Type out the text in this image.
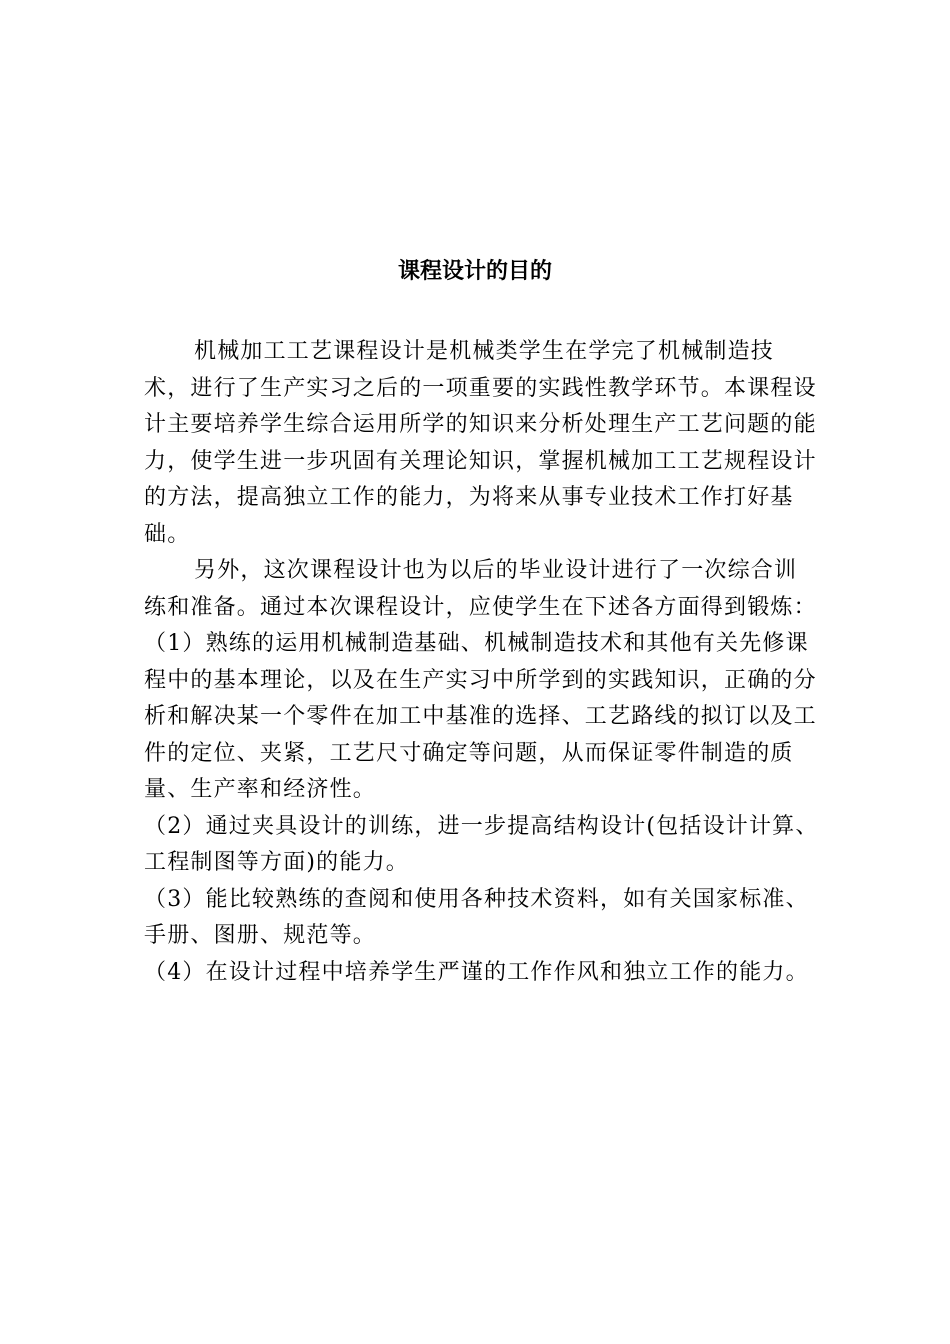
课程设计的目的

机械加工工艺课程设计是机械类学生在学完了机械制造技术，进行了生产实习之后的一项重要的实践性教学环节。本课程设计主要培养学生综合运用所学的知识来分析处理生产工艺问题的能力，使学生进一步巩固有关理论知识，掌握机械加工工艺规程设计的方法，提高独立工作的能力，为将来从事专业技术工作打好基础。

另外，这次课程设计也为以后的毕业设计进行了一次综合训练和准备。通过本次课程设计，应使学生在下述各方面得到锻炼：

（1）熟练的运用机械制造基础、机械制造技术和其他有关先修课程中的基本理论，以及在生产实习中所学到的实践知识，正确的分析和解决某一个零件在加工中基准的选择、工艺路线的拟订以及工件的定位、夹紧，工艺尺寸确定等问题，从而保证零件制造的质量、生产率和经济性。

（2）通过夹具设计的训练，进一步提高结构设计(包括设计计算、工程制图等方面)的能力。

（3）能比较熟练的查阅和使用各种技术资料，如有关国家标准、手册、图册、规范等。

（4）在设计过程中培养学生严谨的工作作风和独立工作的能力。
